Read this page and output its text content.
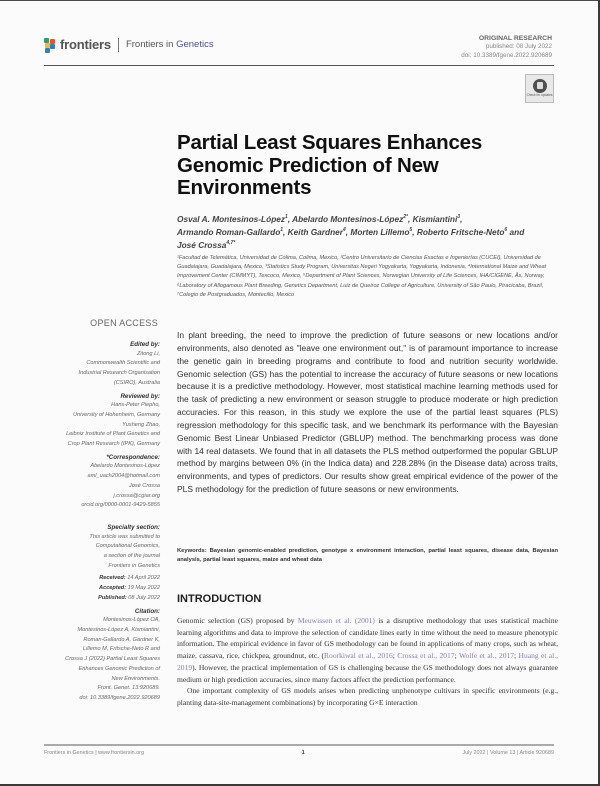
frontiers Frontiers in Genetics
ORIGINAL RESEARCH
published: 08 July 2022
doi: 10.3389/fgene.2022.920689
Check for updates
Partial Least Squares Enhances
Genomic Prediction of New
Environments
Osval A. Montesinos-López$^1$, Abelardo Montesinos-López$^{2*}$, Kismiantini$^3$,
Armando Roman-Gallardo$^1$, Keith Gardner$^4$, Morten Lillemo$^5$, Roberto Fritsche-Neto$^6$ and
José Crossa$^{4,7*}$
¹Facultad de Telemática, Universidad de Colima, Colima, Mexico, ²Centro Universitario de Ciencias Exactas e Ingenierías (CUCEI), Universidad de Guadalajara, Guadalajara, Mexico, ³Statistics Study Program, Universitas Negeri Yogyakarta, Yogyakarta, Indonesia, ⁴International Maize and Wheat Improvement Center (CIMMYT), Texcoco, Mexico, ⁵Department of Plant Sciences, Norwegian University of Life Sciences, IHA/CIGENE, Ås, Norway, ⁶Laboratory of Allogamous Plant Breeding, Genetics Department, Luiz de Queiroz College of Agriculture, University of São Paulo, Piracicaba, Brazil, ⁷Colegio de Postgraduados, Montecillo, Mexico
OPEN ACCESS
Edited by:
Zitong Li,
Commonwealth Scientific and
Industrial Research Organisation
(CSIRO), Australia
Reviewed by:
Hans-Peter Piepho,
University of Hohenheim, Germany
Yusheng Zhao,
Leibniz Institute of Plant Genetics and
Crop Plant Research (IPK), Germany
*Correspondence:
Abelardo Montesinos-López
aml_uach2004@hotmail.com
José Crossa
j.crossa@cgiar.org
orcid.org/0000-0001-9429-5855
Specialty section:
This article was submitted to
Computational Genomics,
a section of the journal
Frontiers in Genetics
Received: 14 April 2022
Accepted: 19 May 2022
Published: 08 July 2022
Citation:
Montesinos-López OA,
Montesinos-López A, Kismiantini,
Roman-Gallardo A, Gardner K,
Lillemo M, Fritsche-Neto R and
Crossa J (2022) Partial Least Squares
Enhances Genomic Prediction of
New Environments.
Front. Genet. 13:920689.
doi: 10.3389/fgene.2022.920689
In plant breeding, the need to improve the prediction of future seasons or new locations and/or environments, also denoted as "leave one environment out," is of paramount importance to increase the genetic gain in breeding programs and contribute to food and nutrition security worldwide. Genomic selection (GS) has the potential to increase the accuracy of future seasons or new locations because it is a predictive methodology. However, most statistical machine learning methods used for the task of predicting a new environment or season struggle to produce moderate or high prediction accuracies. For this reason, in this study we explore the use of the partial least squares (PLS) regression methodology for this specific task, and we benchmark its performance with the Bayesian Genomic Best Linear Unbiased Predictor (GBLUP) method. The benchmarking process was done with 14 real datasets. We found that in all datasets the PLS method outperformed the popular GBLUP method by margins between 0% (in the Indica data) and 228.28% (in the Disease data) across traits, environments, and types of predictors. Our results show great empirical evidence of the power of the PLS methodology for the prediction of future seasons or new environments.
Keywords: Bayesian genomic-enabled prediction, genotype x environment interaction, partial least squares, disease data, Bayesian analysis, partial least squares, maize and wheat data
INTRODUCTION

Genomic selection (GS) proposed by Meuwissen et al. (2001) is a disruptive methodology that uses statistical machine learning algorithms and data to improve the selection of candidate lines early in time without the need to measure phenotypic information. The empirical evidence in favor of GS methodology can be found in applications of many crops, such as wheat, maize, cassava, rice, chickpea, groundnut, etc. (Roorkiwal et al., 2016; Crossa et al., 2017; Wolfe et al., 2017; Huang et al., 2019). However, the practical implementation of GS is challenging because the GS methodology does not always guarantee medium or high prediction accuracies, since many factors affect the prediction performance.

One important complexity of GS models arises when predicting unphenotype cultivars in specific environments (e.g., planting data-site-management combinations) by incorporating G×E interaction

Frontiers in Genetics | www.frontiersin.org	1	July 2022 | Volume 13 | Article 920689
